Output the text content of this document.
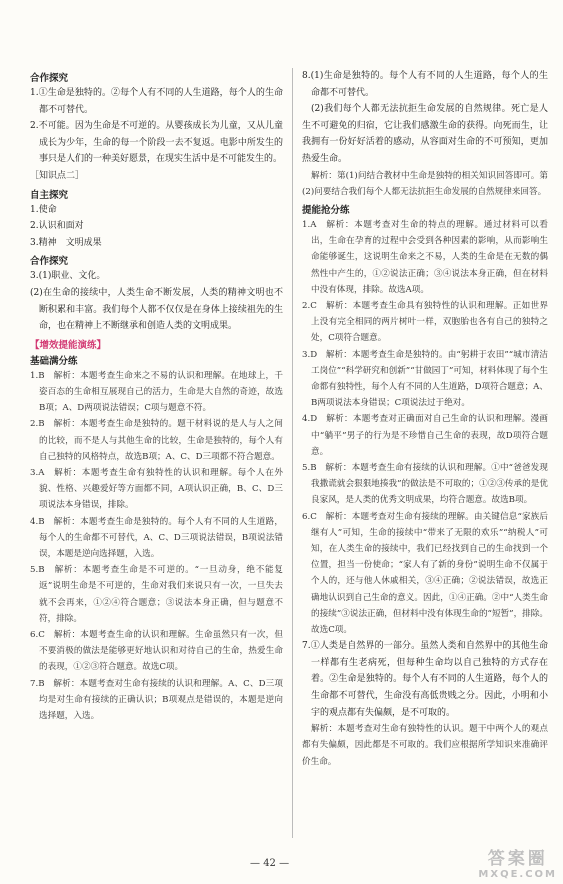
合作探究

1.①生命是独特的。②每个人有不同的人生道路，每个人的生命都不可替代。

2.不可能。因为生命是不可逆的。从婴孩成长为儿童，又从儿童成长为少年，生命的每一个阶段一去不复返。电影中所发生的事只是人们的一种美好愿景，在现实生活中是不可能发生的。

［知识点二］

自主探究

1.使命

2.认识和面对

3.精神　文明成果

合作探究

3.(1)职业、文化。

(2)在生命的接续中，人类生命不断发展，人类的精神文明也不断积累和丰富。我们每个人都不仅仅是在身体上接续祖先的生命，也在精神上不断继承和创造人类的文明成果。

【增效提能演练】
基础满分练

1.B　解析：本题考查生命来之不易的认识和理解。在地球上，千姿百态的生命相互展现自己的活力，生命是大自然的奇迹，故选B项；A、D两项说法错误；C项与题意不符。

2.B　解析：本题考查生命是独特的。题干材料说的是人与人之间的比较，而不是人与其他生命的比较，生命是独特的，每个人有自己独特的风格特点，故选B项；A、C、D三项都不符合题意。

3.A　解析：本题考查生命有独特性的认识和理解。每个人在外貌、性格、兴趣爱好等方面都不同，A项认识正确，B、C、D三项说法本身错误，排除。

4.B　解析：本题考查生命是独特的。每个人有不同的人生道路，每个人的生命都不可替代，A、C、D三项说法错误，B项说法错误，本题是逆向选择题，入选。

5.B　解析：本题考查生命是不可逆的。“一旦动身，绝不能复返”说明生命是不可逆的，生命对我们来说只有一次，一旦失去就不会再来，①②④符合题意；③说法本身正确，但与题意不符，排除。

6.C　解析：本题考查生命的认识和理解。生命虽然只有一次，但不要消极的做法是能够更好地认识和对待自己的生命，热爱生命的表现，①②③符合题意。故选C项。

7.B　解析：本题考查对生命有接续的认识和理解。A、C、D三项均是对生命有接续的正确认识；B项观点是错误的，本题是逆向选择题，入选。

8.(1)生命是独特的。每个人有不同的人生道路，每个人的生命都不可替代。

(2)我们每个人都无法抗拒生命发展的自然规律。死亡是人生不可避免的归宿，它让我们感激生命的获得。向死而生，让我拥有一份好好活着的感动，从容面对生命的不可预知，更加热爱生命。

解析：第(1)问结合教材中生命是独特的相关知识回答即可。第(2)问要结合我们每个人都无法抗拒生命发展的自然规律来回答。

提能抢分练

1.A　解析：本题考查对生命的特点的理解。通过材料可以看出，生命在孕育的过程中会受到各种因素的影响，从而影响生命能够诞生，这说明生命来之不易，人类的生命是在无数的偶然性中产生的，①②说法正确；③④说法本身正确，但在材料中没有体现，排除。故选A项。

2.C　解析：本题考查生命具有独特性的认识和理解。正如世界上没有完全相同的两片树叶一样，双胞胎也各有自己的独特之处，C项符合题意。

3.D　解析：本题考查生命是独特的。由“躬耕于农田”“城市清洁工岗位”“科学研究和创新”“甘做园丁”可知，材料体现了每个生命都有独特性，每个人有不同的人生道路，D项符合题意；A、B两项说法本身错误；C项说法过于绝对。

4.D　解析：本题考查对正确面对自己生命的认识和理解。漫画中“躺平”男子的行为是不珍惜自己生命的表现，故D项符合题意。

5.B　解析：本题考查生命有接续的认识和理解。①中“爸爸发现我撒谎就会狠狠地揍我”的做法是不可取的；①②③传承的是优良家风，是人类的优秀文明成果，均符合题意。故选B项。

6.C　解析：本题考查对生命有接续的理解。由关键信息“家族后继有人”可知，生命的接续中“带来了无限的欢乐”“纳税人”可知，在人类生命的接续中，我们已经找到自己的生命找到一个位置，担当一份使命；“家人有了新的身份”说明生命不仅属于个人的，还与他人休戚相关，③④正确；②说法错误，故选正确地认识到自己生命的意义。因此，①④正确。②中“人类生命的接续”③说法正确，但材料中没有体现生命的“短暂”，排除。故选C项。

7.①人类是自然界的一部分。虽然人类和自然界中的其他生命一样都有生老病死，但每种生命均以自己独特的方式存在着。②生命是独特的。每个人有不同的人生道路，每个人的生命都不可替代，生命没有高低贵贱之分。因此，小明和小宇的观点都有失偏颇，是不可取的。

解析：本题考查对生命有独特性的认识。题干中两个人的观点都有失偏颇，因此都是不可取的。我们应根据所学知识来准确评价生命。

— 42 —	答案圈
MXQE.COM
